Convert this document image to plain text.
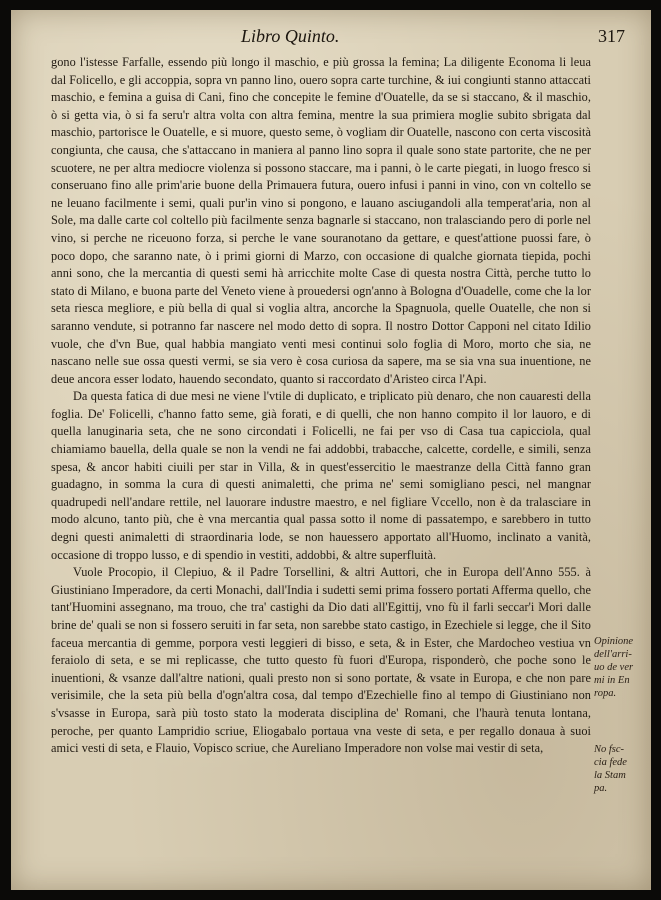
Libro Quinto.	317

gono l'istesse Farfalle, essendo più longo il maschio, e più grossa la femina; La diligente Economa li leua dal Folicello, e gli accoppia, sopra vn panno lino, ouero sopra carte turchine, & iui congiunti stanno attaccati maschio, e femina a guisa di Cani, fino che concepite le femine d'Ouatelle, da se si staccano, & il maschio, ò si getta via, ò si fa seru'r altra volta con altra femina, mentre la sua primiera moglie subito sbrigata dal maschio, partorisce le Ouatelle, e si muore, questo seme, ò vogliam dir Ouatelle, nascono con certa viscosità congiunta, che causa, che s'attaccano in maniera al panno lino sopra il quale sono state partorite, che ne per scuotere, ne per altra mediocre violenza si possono staccare, ma i panni, ò le carte piegati, in luogo fresco si conseruano fino alle prim'arie buone della Primauera futura, ouero infusi i panni in vino, con vn coltello se ne leuano facilmente i semi, quali pur'in vino si pongono, e lauano asciugandoli alla temperat'aria, non al Sole, ma dalle carte col coltello più facilmente senza bagnarle si staccano, non tralasciando pero di porle nel vino, si perche ne riceuono forza, si perche le vane souranotano da gettare, e quest'attione puossi fare, ò poco dopo, che saranno nate, ò i primi giorni di Marzo, con occasione di qualche giornata tiepida, pochi anni sono, che la mercantia di questi semi hà arricchite molte Case di questa nostra Città, perche tutto lo stato di Milano, e buona parte del Veneto viene à prouedersi ogn'anno à Bologna d'Ouadelle, come che la lor seta riesca megliore, e più bella di qual si voglia altra, ancorche la Spagnuola, quelle Ouatelle, che non si saranno vendute, si potranno far nascere nel modo detto di sopra. Il nostro Dottor Capponi nel citato Idilio vuole, che d'vn Bue, qual habbia mangiato venti mesi continui solo foglia di Moro, morto che sia, ne nascano nelle sue ossa questi vermi, se sia vero è cosa curiosa da sapere, ma se sia vna sua inuentione, ne deue ancora esser lodato, hauendo secondato, quanto si raccordato d'Aristeo circa l'Api.

Da questa fatica di due mesi ne viene l'vtile di duplicato, e triplicato più denaro, che non cauaresti della foglia. De' Folicelli, c'hanno fatto seme, già forati, e di quelli, che non hanno compito il lor lauoro, e di quella lanuginaria seta, che ne sono circondati i Folicelli, ne fai per vso di Casa tua capicciola, qual chiamiamo bauella, della quale se non la vendi ne fai addobbi, trabacche, calcette, cordelle, e simili, senza spesa, & ancor habiti ciuili per star in Villa, & in quest'essercitio le maestranze della Città fanno gran guadagno, in somma la cura di questi animaletti, che prima ne' semi somigliano pesci, nel mangnar quadrupedi nell'andare rettile, nel lauorare industre maestro, e nel figliare Vccello, non è da tralasciare in modo alcuno, tanto più, che è vna mercantia qual passa sotto il nome di passatempo, e sarebbero in tutto degni questi animaletti di straordinaria lode, se non hauessero apportato all'Huomo, inclinato a vanità, occasione di troppo lusso, e di spendio in vestiti, addobbi, & altre superfluità.

Vuole Procopio, il Clepiuo, & il Padre Torsellini, & altri Auttori, che in Europa dell'Anno 555. à Giustiniano Imperadore, da certi Monachi, dall'India i sudetti semi prima fossero portati Afferma quello, che tant'Huomini assegnano, ma trouo, che tra' castighi da Dio dati all'Egittij, vno fù il farli seccar'i Mori dalle brine de' quali se non si fossero seruiti in far seta, non sarebbe stato castigo, in Ezechiele si legge, che il Sito faceua mercantia di gemme, porpora vesti leggieri di bisso, e seta, & in Ester, che Mardocheo vestiua vn feraiolo di seta, e se mi replicasse, che tutto questo fù fuori d'Europa, risponderò, che poche sono le inuentioni, & vsanze dall'altre nationi, quali presto non si sono portate, & vsate in Europa, e che non pare verisimile, che la seta più bella d'ogn'altra cosa, dal tempo d'Ezechielle fino al tempo di Giustiniano non s'vsasse in Europa, sarà più tosto stato la moderata disciplina de' Romani, che l'haurà tenuta lontana, peroche, per quanto Lampridio scriue, Eliogabalo portaua vna veste di seta, e per regallo donaua à suoi amici vesti di seta, e Flauio, Vopisco scriue, che Aureliano Imperadore non volse mai vestir di seta,

Opinione
dell'arri-
uo de ver
mi in En
ropa.
No fsc-
cia fede
la Stam
pa.
